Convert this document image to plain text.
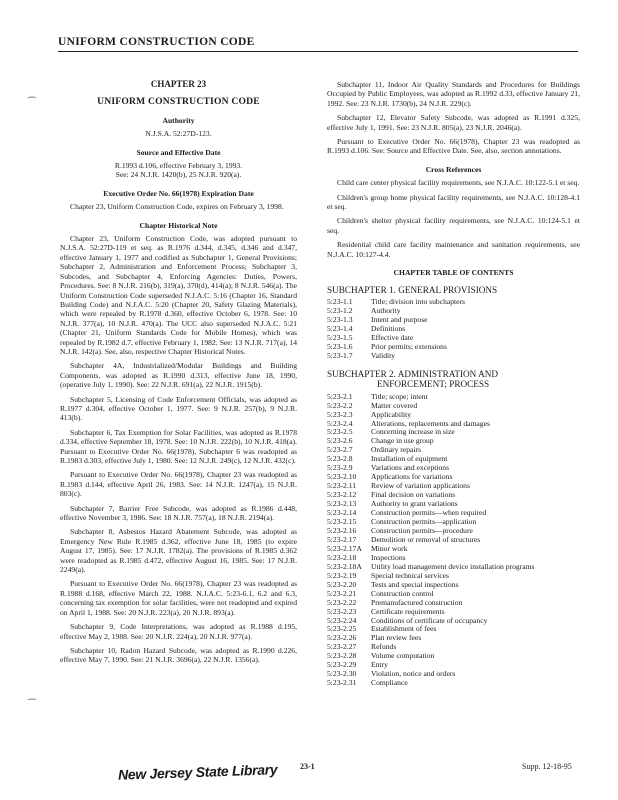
UNIFORM CONSTRUCTION CODE
⁀
⁀
CHAPTER 23
UNIFORM CONSTRUCTION CODE
Authority

N.J.S.A. 52:27D-123.

Source and Effective Date

R.1993 d.106, effective February 3, 1993.

See: 24 N.J.R. 1420(b), 25 N.J.R. 920(a).

Executive Order No. 66(1978) Expiration Date

Chapter 23, Uniform Construction Code, expires on February 3, 1998.

Chapter Historical Note

Chapter 23, Uniform Construction Code, was adopted pursuant to N.J.S.A. 52:27D-119 et seq. as R.1976 d.344, d.345, d.346 and d.347, effective January 1, 1977 and codified as Subchapter 1, General Provisions; Subchapter 2, Administration and Enforcement Process; Subchapter 3, Subcodes, and Subchapter 4, Enforcing Agencies: Duties, Powers, Procedures. See: 8 N.J.R. 216(b), 319(a), 370(d), 414(a); 8 N.J.R. 546(a). The Uniform Construction Code superseded N.J.A.C. 5:16 (Chapter 16, Standard Building Code) and N.J.A.C. 5:20 (Chapter 20, Safety Glazing Materials), which were repealed by R.1978 d.360, effective October 6, 1978. See: 10 N.J.R. 377(a), 10 N.J.R. 470(a). The UCC also superseded N.J.A.C. 5:21 (Chapter 21, Uniform Standards Code for Mobile Homes), which was repealed by R.1982 d.7, effective February 1, 1982. See: 13 N.J.R. 717(a), 14 N.J.R. 142(a). See, also, respective Chapter Historical Notes.

Subchapter 4A, Industrialized/Modular Buildings and Building Components, was adopted as R.1990 d.313, effective June 18, 1990, (operative July 1, 1990). See: 22 N.J.R. 691(a), 22 N.J.R. 1915(b).

Subchapter 5, Licensing of Code Enforcement Officials, was adopted as R.1977 d.304, effective October 1, 1977. See: 9 N.J.R. 257(b), 9 N.J.R. 413(b).

Subchapter 6, Tax Exemption for Solar Facilities, was adopted as R.1978 d.334, effective September 18, 1978. See: 10 N.J.R. 222(b), 10 N.J.R. 418(a). Pursuant to Executive Order No. 66(1978), Subchapter 6 was readopted as R.1983 d.303, effective July 1, 1980. See: 12 N.J.R. 249(c), 12 N.J.R. 432(c).

Pursuant to Executive Order No. 66(1978), Chapter 23 was readopted as R.1983 d.144, effective April 26, 1983. See: 14 N.J.R. 1247(a), 15 N.J.R. 803(c).

Subchapter 7, Barrier Free Subcode, was adopted as R.1986 d.448, effective November 3, 1986. See: 18 N.J.R. 757(a), 18 N.J.R. 2194(a).

Subchapter 8, Asbestos Hazard Abatement Subcode, was adopted as Emergency New Rule R.1985 d.362, effective June 18, 1985 (to expire August 17, 1985). See: 17 N.J.R. 1782(a). The provisions of R.1985 d.362 were readopted as R.1985 d.472, effective August 16, 1985. See: 17 N.J.R. 2249(a).

Pursuant to Executive Order No. 66(1978), Chapter 23 was readopted as R.1988 d.168, effective March 22, 1988. N.J.A.C. 5:23-6.1, 6.2 and 6.3, concerning tax exemption for solar facilities, were not readopted and expired on April 1, 1988. See: 20 N.J.R. 223(a), 20 N.J.R. 893(a).

Subchapter 9, Code Interpretations, was adopted as R.1988 d.195, effective May 2, 1988. See: 20 N.J.R. 224(a), 20 N.J.R. 977(a).

Subchapter 10, Radon Hazard Subcode, was adopted as R.1990 d.226, effective May 7, 1990. See: 21 N.J.R. 3696(a), 22 N.J.R. 1356(a).

Subchapter 11, Indoor Air Quality Standards and Procedures for Buildings Occupied by Public Employees, was adopted as R.1992 d.33, effective January 21, 1992. See: 23 N.J.R. 1730(b), 24 N.J.R. 229(c).

Subchapter 12, Elevator Safety Subcode, was adopted as R.1991 d.325, effective July 1, 1991. See: 23 N.J.R. 805(a), 23 N.J.R. 2046(a).

Pursuant to Executive Order No. 66(1978), Chapter 23 was readopted as R.1993 d.106. See: Source and Effective Date. See, also, section annotations.

Cross References

Child care center physical facility requirements, see N.J.A.C. 10:122-5.1 et seq.

Children's group home physical facility requirements, see N.J.A.C. 10:128-4.1 et seq.

Children's shelter physical facility requirements, see N.J.A.C. 10:124-5.1 et seq.

Residential child care facility maintenance and sanitation requirements, see N.J.A.C. 10:127-4.4.

CHAPTER TABLE OF CONTENTS
SUBCHAPTER 1. GENERAL PROVISIONS
5:23-1.1	Title; division into subchapters
5:23-1.2	Authority
5:23-1.3	Intent and purpose
5:23-1.4	Definitions
5:23-1.5	Effective date
5:23-1.6	Prior permits; extensions
5:23-1.7	Validity
SUBCHAPTER 2. ADMINISTRATION AND
ENFORCEMENT; PROCESS
5:23-2.1	Title; scope; intent
5:23-2.2	Matter covered
5:23-2.3	Applicability
5:23-2.4	Alterations, replacements and damages
5:23-2.5	Concerning increase in size
5:23-2.6	Change in use group
5:23-2.7	Ordinary repairs
5:23-2.8	Installation of equipment
5:23-2.9	Variations and exceptions
5:23-2.10	Applications for variations
5:23-2.11	Review of variation applications
5:23-2.12	Final decision on variations
5:23-2.13	Authority to grant variations
5:23-2.14	Construction permits—when required
5:23-2.15	Construction permits—application
5:23-2.16	Construction permits—procedure
5:23-2.17	Demolition or removal of structures
5:23-2.17A	Minor work
5:23-2.18	Inspections
5:23-2.18A	Utility load management device installation programs
5:23-2.19	Special technical services
5:23-2.20	Tests and special inspections
5:23-2.21	Construction control
5:23-2.22	Premanufactured construction
5:23-2.23	Certificate requirements
5:23-2.24	Conditions of certificate of occupancy
5:23-2.25	Establishment of fees
5:23-2.26	Plan review fees
5:23-2.27	Refunds
5:23-2.28	Volume computation
5:23-2.29	Entry
5:23-2.30	Violation, notice and orders
5:23-2.31	Compliance
New Jersey State Library	23-1	Supp. 12-18-95
